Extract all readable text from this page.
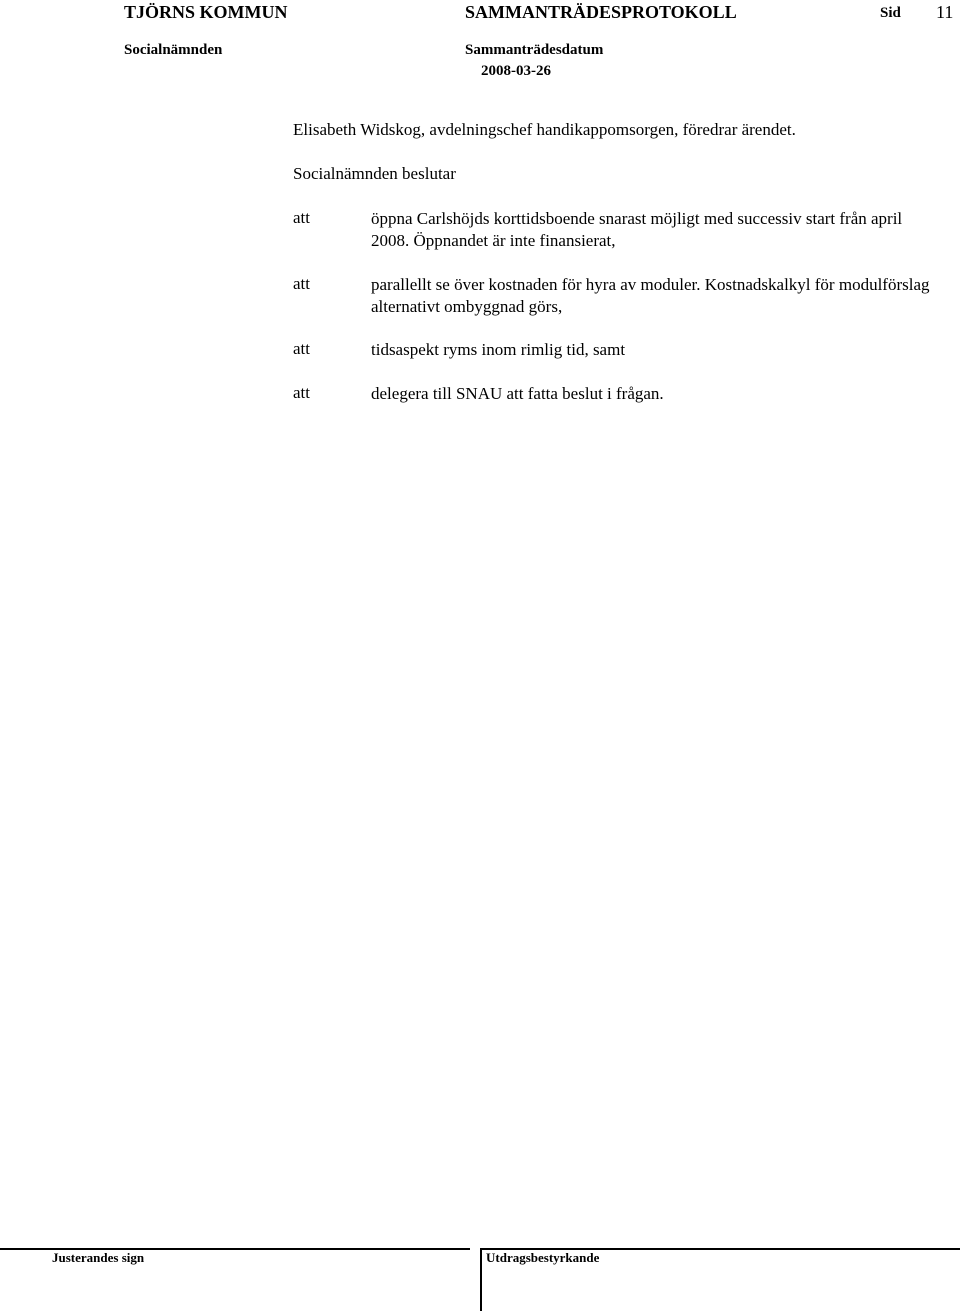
TJÖRNS KOMMUN	SAMMANTRÄDESPROTOKOLL	Sid 11
Socialnämnden	Sammanträdesdatum
2008-03-26
Elisabeth Widskog, avdelningschef handikappomsorgen, föredrar ärendet.
Socialnämnden beslutar
att	öppna Carlshöjds korttidsboende snarast möjligt med successiv start från april 2008. Öppnandet är inte finansierat,
att	parallellt se över kostnaden för hyra av moduler. Kostnadskalkyl för modulförslag alternativt ombyggnad görs,
att	tidsaspekt ryms inom rimlig tid, samt
att	delegera till SNAU att fatta beslut i frågan.
Justerandes sign	Utdragsbestyrkande
